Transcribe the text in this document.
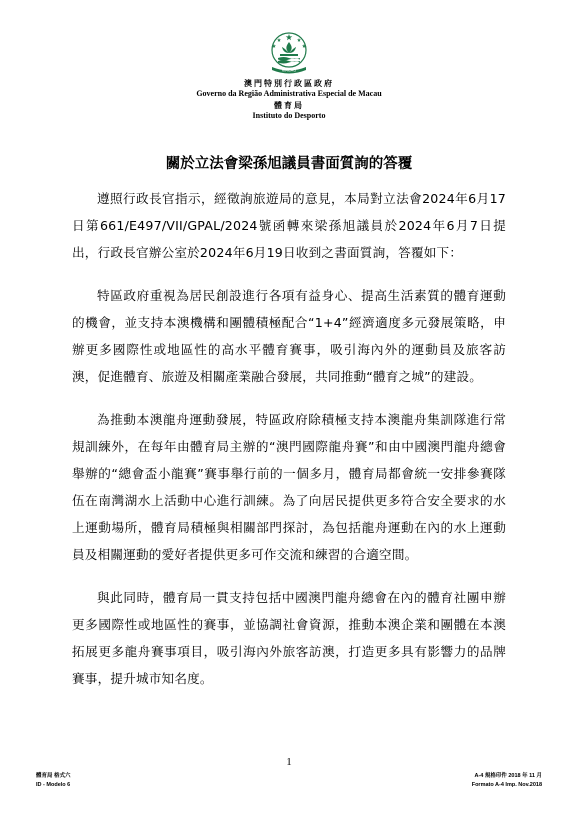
MACAU
澳門特別行政區政府
Governo da Região Administrativa Especial de Macau
體育局
Instituto do Desporto
關於立法會梁孫旭議員書面質詢的答覆

遵照行政長官指示，經徵詢旅遊局的意見，本局對立法會2024年6月17日第661/E497/VII/GPAL/2024號函轉來梁孫旭議員於2024年6月7日提出，行政長官辦公室於2024年6月19日收到之書面質詢，答覆如下：

特區政府重視為居民創設進行各項有益身心、提高生活素質的體育運動的機會，並支持本澳機構和團體積極配合“1+4”經濟適度多元發展策略，申辦更多國際性或地區性的高水平體育賽事，吸引海內外的運動員及旅客訪澳，促進體育、旅遊及相關產業融合發展，共同推動“體育之城”的建設。

為推動本澳龍舟運動發展，特區政府除積極支持本澳龍舟集訓隊進行常規訓練外，在每年由體育局主辦的“澳門國際龍舟賽”和由中國澳門龍舟總會舉辦的“總會盃小龍賽”賽事舉行前的一個多月，體育局都會統一安排參賽隊伍在南灣湖水上活動中心進行訓練。為了向居民提供更多符合安全要求的水上運動場所，體育局積極與相關部門探討，為包括龍舟運動在內的水上運動員及相關運動的愛好者提供更多可作交流和練習的合適空間。

與此同時，體育局一貫支持包括中國澳門龍舟總會在內的體育社團申辦更多國際性或地區性的賽事，並協調社會資源，推動本澳企業和團體在本澳拓展更多龍舟賽事項目，吸引海內外旅客訪澳，打造更多具有影響力的品牌賽事，提升城市知名度。

1
體育局 格式六
ID - Modelo 6
A-4 規格印件 2018 年 11 月
Formato A-4 Imp. Nov.2018
